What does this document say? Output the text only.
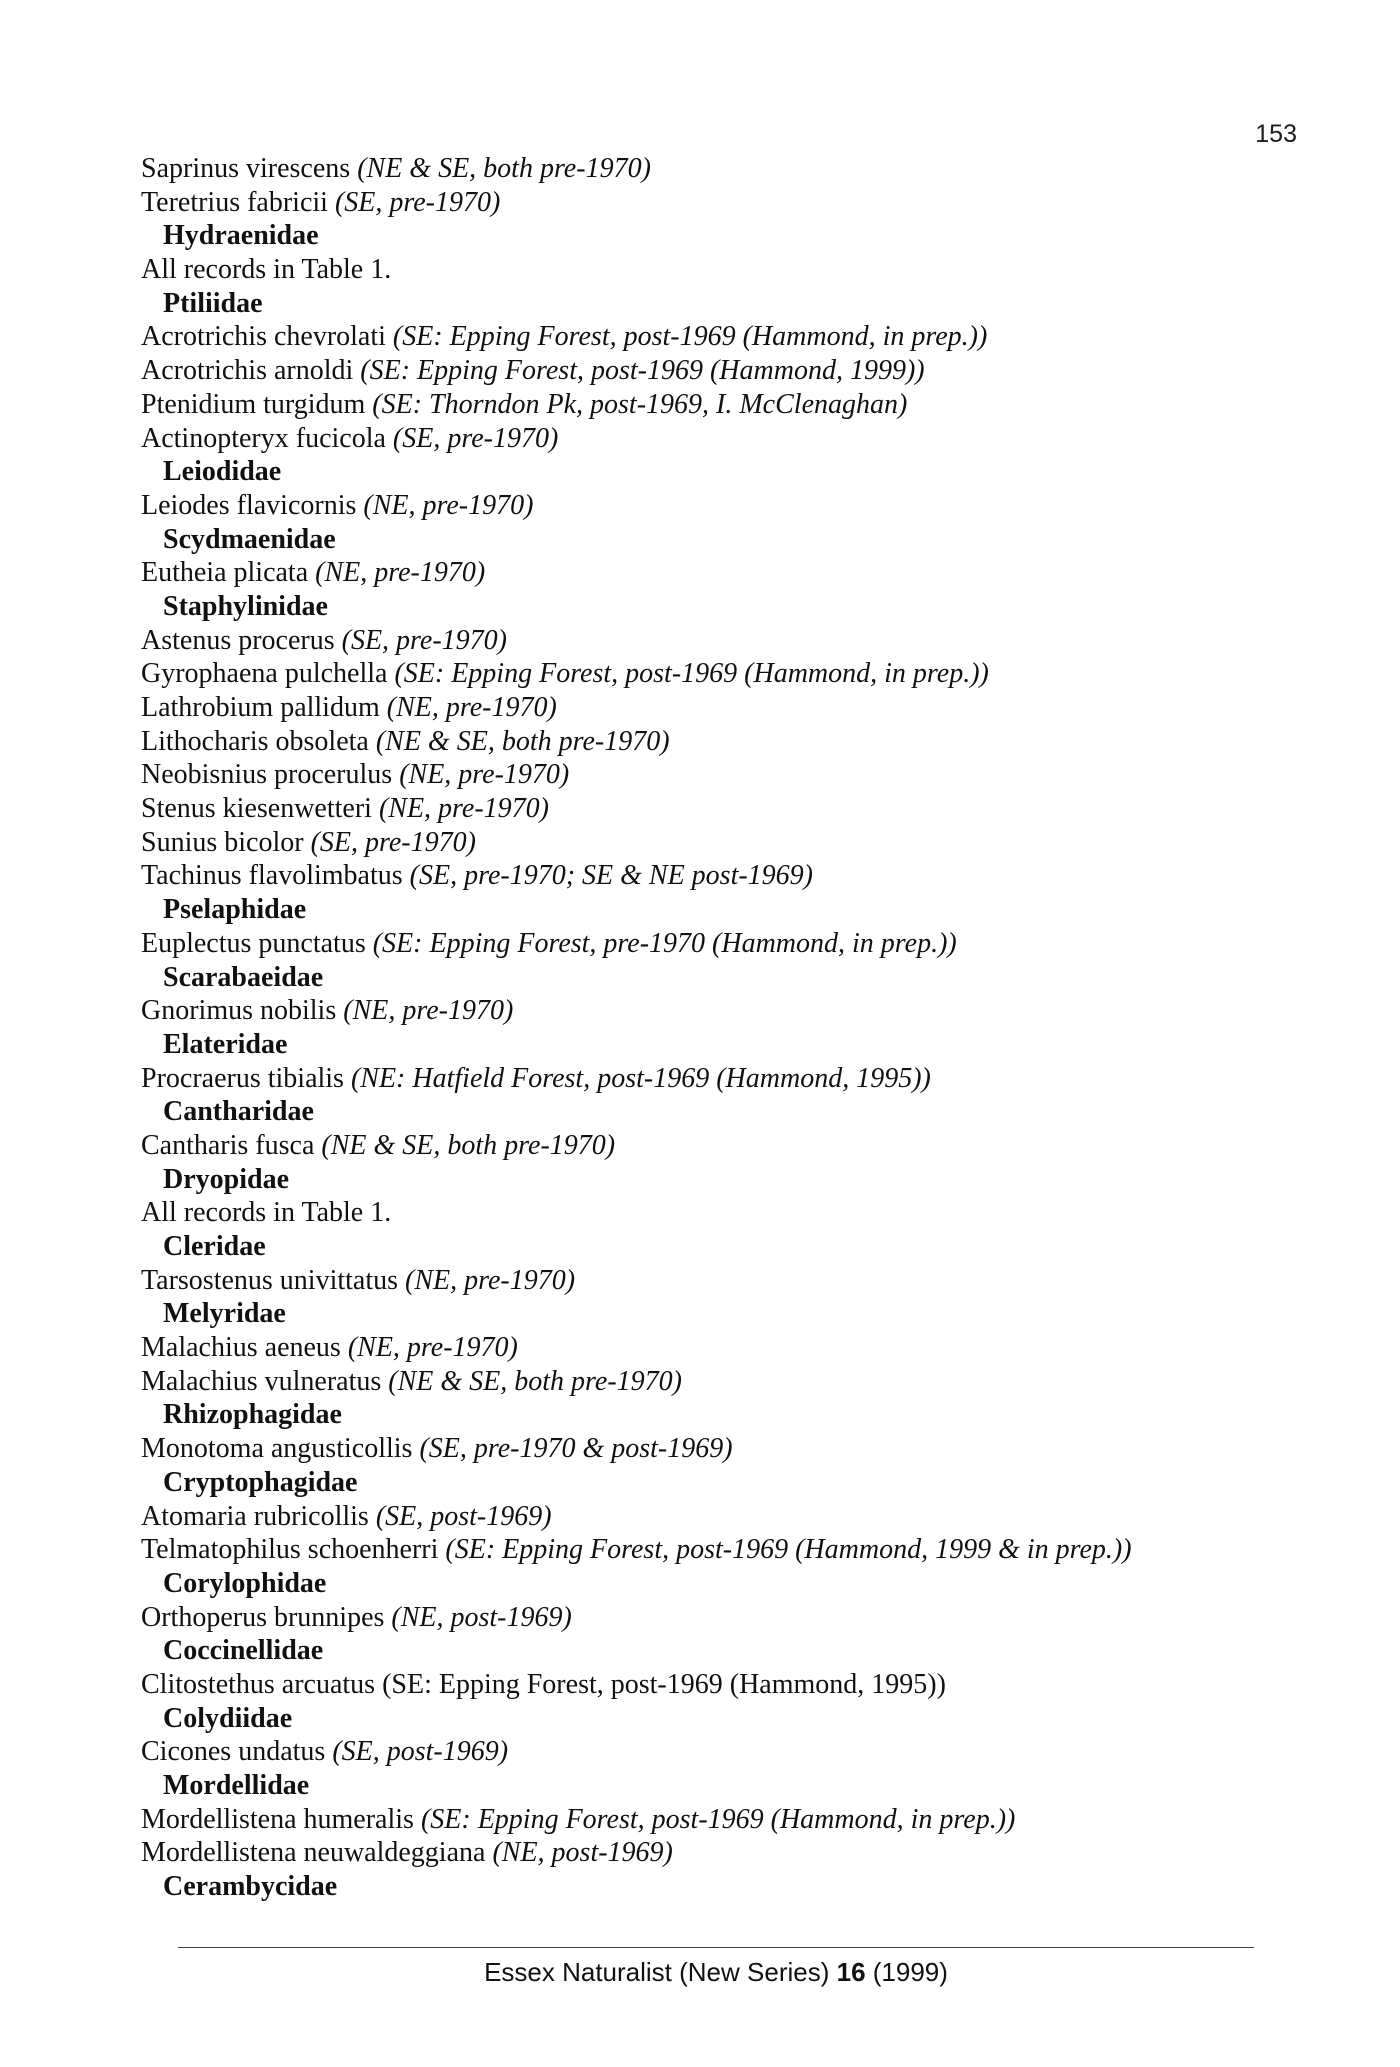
153
Saprinus virescens (NE & SE, both pre-1970)
Teretrius fabricii (SE, pre-1970)
Hydraenidae
All records in Table 1.
Ptiliidae
Acrotrichis chevrolati (SE: Epping Forest, post-1969 (Hammond, in prep.))
Acrotrichis arnoldi (SE: Epping Forest, post-1969 (Hammond, 1999))
Ptenidium turgidum (SE: Thorndon Pk, post-1969, I. McClenaghan)
Actinopteryx fucicola (SE, pre-1970)
Leiodidae
Leiodes flavicornis (NE, pre-1970)
Scydmaenidae
Eutheia plicata (NE, pre-1970)
Staphylinidae
Astenus procerus (SE, pre-1970)
Gyrophaena pulchella (SE: Epping Forest, post-1969 (Hammond, in prep.))
Lathrobium pallidum (NE, pre-1970)
Lithocharis obsoleta (NE & SE, both pre-1970)
Neobisnius procerulus (NE, pre-1970)
Stenus kiesenwetteri (NE, pre-1970)
Sunius bicolor (SE, pre-1970)
Tachinus flavolimbatus (SE, pre-1970; SE & NE post-1969)
Pselaphidae
Euplectus punctatus (SE: Epping Forest, pre-1970 (Hammond, in prep.))
Scarabaeidae
Gnorimus nobilis (NE, pre-1970)
Elateridae
Procraerus tibialis (NE: Hatfield Forest, post-1969 (Hammond, 1995))
Cantharidae
Cantharis fusca (NE & SE, both pre-1970)
Dryopidae
All records in Table 1.
Cleridae
Tarsostenus univittatus (NE, pre-1970)
Melyridae
Malachius aeneus (NE, pre-1970)
Malachius vulneratus (NE & SE, both pre-1970)
Rhizophagidae
Monotoma angusticollis (SE, pre-1970 & post-1969)
Cryptophagidae
Atomaria rubricollis (SE, post-1969)
Telmatophilus schoenherri (SE: Epping Forest, post-1969 (Hammond, 1999 & in prep.))
Corylophidae
Orthoperus brunnipes (NE, post-1969)
Coccinellidae
Clitostethus arcuatus (SE: Epping Forest, post-1969 (Hammond, 1995))
Colydiidae
Cicones undatus (SE, post-1969)
Mordellidae
Mordellistena humeralis (SE: Epping Forest, post-1969 (Hammond, in prep.))
Mordellistena neuwaldeggiana (NE, post-1969)
Cerambycidae
Essex Naturalist (New Series) 16 (1999)
